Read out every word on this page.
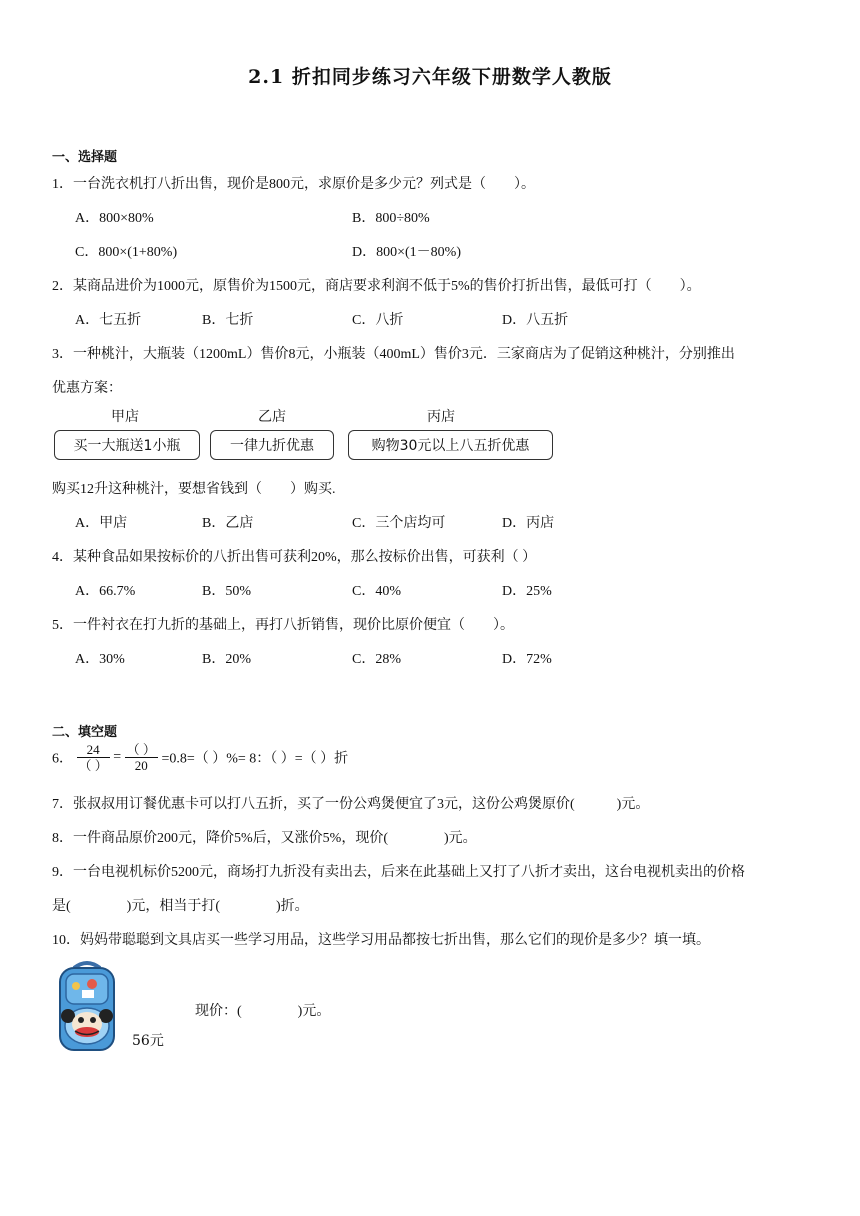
2.1 折扣同步练习六年级下册数学人教版
一、选择题
1．一台洗衣机打八折出售，现价是800元，求原价是多少元？列式是（　　）。
A．800×80%	B．800÷80%
C．800×(1+80%)	D．800×(1－80%)
2．某商品进价为1000元，原售价为1500元，商店要求利润不低于5%的售价打折出售，最低可打（　　）。
A．七五折	B．七折	C．八折	D．八五折
3．一种桃汁，大瓶装（1200mL）售价8元，小瓶装（400mL）售价3元．三家商店为了促销这种桃汁，分别推出
优惠方案：
甲店	乙店	丙店
买一大瓶送1小瓶	一律九折优惠	购物30元以上八五折优惠
购买12升这种桃汁，要想省钱到（　　）购买.
A．甲店	B．乙店	C．三个店均可	D．丙店
4．某种食品如果按标价的八折出售可获利20%，那么按标价出售，可获利（ ）
A．66.7%	B．50%	C．40%	D．25%
5．一件衬衣在打九折的基础上，再打八折销售，现价比原价便宜（　　）。
A．30%	B．20%	C．28%	D．72%
二、填空题
6． $\frac{24}{( )} = \frac{( )}{20} =0.8=$（ ）%= 8：（ ）=（ ）折
7．张叔叔用订餐优惠卡可以打八五折，买了一份公鸡煲便宜了3元，这份公鸡煲原价(　　　)元。
8．一件商品原价200元，降价5%后，又涨价5%，现价(　　　　)元。
9．一台电视机标价5200元，商场打九折没有卖出去，后来在此基础上又打了八折才卖出，这台电视机卖出的价格
是(　　　　)元，相当于打(　　　　)折。
10．妈妈带聪聪到文具店买一些学习用品，这些学习用品都按七折出售，那么它们的现价是多少？填一填。
56元
现价：(　　　　)元。
